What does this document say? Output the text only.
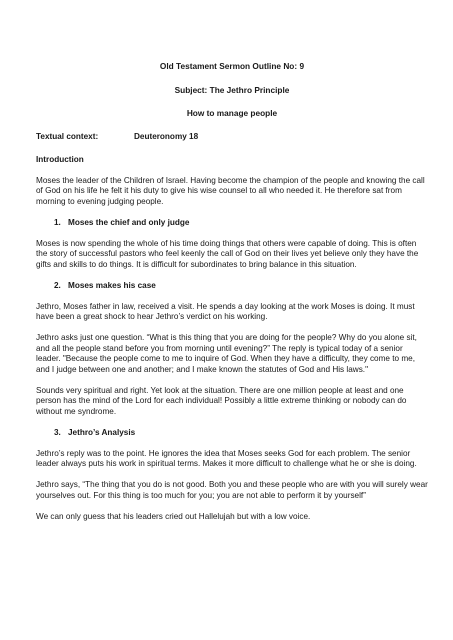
Old Testament Sermon Outline No: 9
Subject: The Jethro Principle
How to manage people
Textual context:	Deuteronomy 18
Introduction
Moses the leader of the Children of Israel. Having become the champion of the people and knowing the call of God on his life he felt it his duty to give his wise counsel to all who needed it. He therefore sat from morning to evening judging people.
1. Moses the chief and only judge
Moses is now spending the whole of his time doing things that others were capable of doing. This is often the story of successful pastors who feel keenly the call of God on their lives yet believe only they have the gifts and skills to do things. It is difficult for subordinates to bring balance in this situation.
2. Moses makes his case
Jethro, Moses father in law, received a visit. He spends a day looking at the work Moses is doing. It must have been a great shock to hear Jethro’s verdict on his working.
Jethro asks just one question. “What is this thing that you are doing for the people? Why do you alone sit, and all the people stand before you from morning until evening?” The reply is typical today of a senior leader. "Because the people come to me to inquire of God. When they have a difficulty, they come to me, and I judge between one and another; and I make known the statutes of God and His laws."
Sounds very spiritual and right. Yet look at the situation. There are one million people at least and one person has the mind of the Lord for each individual! Possibly a little extreme thinking or nobody can do without me syndrome.
3. Jethro’s Analysis
Jethro’s reply was to the point. He ignores the idea that Moses seeks God for each problem. The senior leader always puts his work in spiritual terms. Makes it more difficult to challenge what he or she is doing.
Jethro says, “The thing that you do is not good. Both you and these people who are with you will surely wear yourselves out. For this thing is too much for you; you are not able to perform it by yourself”
We can only guess that his leaders cried out Hallelujah but with a low voice.
